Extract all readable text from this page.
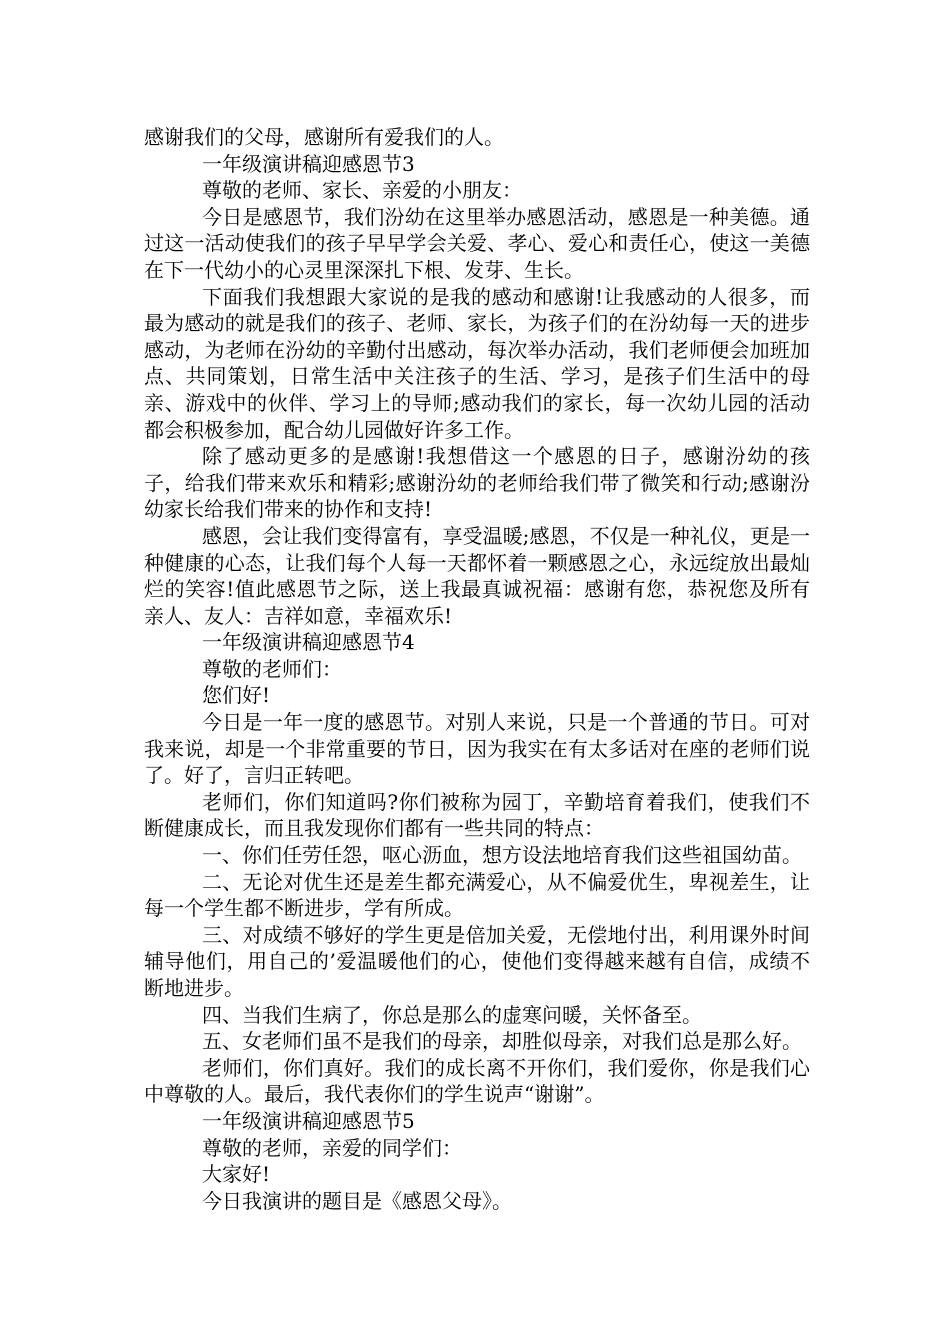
感谢我们的父母，感谢所有爱我们的人。

一年级演讲稿迎感恩节3

尊敬的老师、家长、亲爱的小朋友：

今日是感恩节，我们汾幼在这里举办感恩活动，感恩是一种美德。通过这一活动使我们的孩子早早学会关爱、孝心、爱心和责任心，使这一美德在下一代幼小的心灵里深深扎下根、发芽、生长。

下面我们我想跟大家说的是我的感动和感谢!让我感动的人很多，而最为感动的就是我们的孩子、老师、家长，为孩子们的在汾幼每一天的进步感动，为老师在汾幼的辛勤付出感动，每次举办活动，我们老师便会加班加点、共同策划，日常生活中关注孩子的生活、学习，是孩子们生活中的母亲、游戏中的伙伴、学习上的导师;感动我们的家长，每一次幼儿园的活动都会积极参加，配合幼儿园做好许多工作。

除了感动更多的是感谢!我想借这一个感恩的日子，感谢汾幼的孩子，给我们带来欢乐和精彩;感谢汾幼的老师给我们带了微笑和行动;感谢汾幼家长给我们带来的协作和支持!

感恩，会让我们变得富有，享受温暖;感恩，不仅是一种礼仪，更是一种健康的心态，让我们每个人每一天都怀着一颗感恩之心，永远绽放出最灿烂的笑容!值此感恩节之际，送上我最真诚祝福：感谢有您，恭祝您及所有亲人、友人：吉祥如意，幸福欢乐!

一年级演讲稿迎感恩节4

尊敬的老师们：

您们好!

今日是一年一度的感恩节。对别人来说，只是一个普通的节日。可对我来说，却是一个非常重要的节日，因为我实在有太多话对在座的老师们说了。好了，言归正转吧。

老师们，你们知道吗?你们被称为园丁，辛勤培育着我们，使我们不断健康成长，而且我发现你们都有一些共同的特点：

一、你们任劳任怨，呕心沥血，想方设法地培育我们这些祖国幼苗。

二、无论对优生还是差生都充满爱心，从不偏爱优生，卑视差生，让每一个学生都不断进步，学有所成。

三、对成绩不够好的学生更是倍加关爱，无偿地付出，利用课外时间辅导他们，用自己的’爱温暖他们的心，使他们变得越来越有自信，成绩不断地进步。

四、当我们生病了，你总是那么的虚寒问暖，关怀备至。

五、女老师们虽不是我们的母亲，却胜似母亲，对我们总是那么好。

老师们，你们真好。我们的成长离不开你们，我们爱你，你是我们心中尊敬的人。最后，我代表你们的学生说声“谢谢”。

一年级演讲稿迎感恩节5

尊敬的老师，亲爱的同学们：

大家好!

今日我演讲的题目是《感恩父母》。
